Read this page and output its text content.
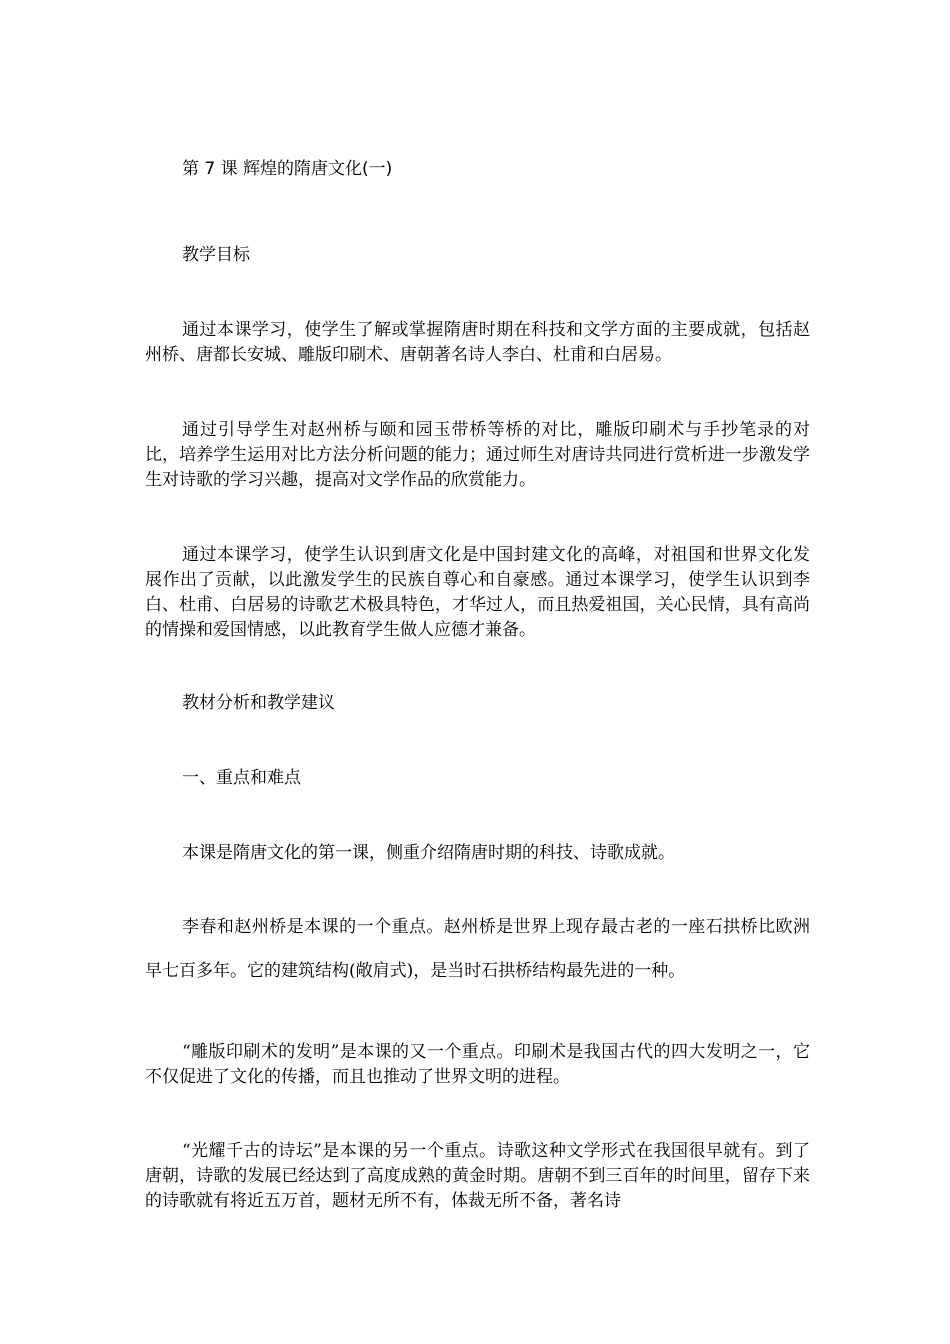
第 7 课 辉煌的隋唐文化(一)

教学目标

通过本课学习，使学生了解或掌握隋唐时期在科技和文学方面的主要成就，包括赵州桥、唐都长安城、雕版印刷术、唐朝著名诗人李白、杜甫和白居易。

通过引导学生对赵州桥与颐和园玉带桥等桥的对比，雕版印刷术与手抄笔录的对比，培养学生运用对比方法分析问题的能力；通过师生对唐诗共同进行赏析进一步激发学生对诗歌的学习兴趣，提高对文学作品的欣赏能力。

通过本课学习，使学生认识到唐文化是中国封建文化的高峰，对祖国和世界文化发展作出了贡献，以此激发学生的民族自尊心和自豪感。通过本课学习，使学生认识到李白、杜甫、白居易的诗歌艺术极具特色，才华过人，而且热爱祖国，关心民情，具有高尚的情操和爱国情感，以此教育学生做人应德才兼备。

教材分析和教学建议

一、重点和难点

本课是隋唐文化的第一课，侧重介绍隋唐时期的科技、诗歌成就。

李春和赵州桥是本课的一个重点。赵州桥是世界上现存最古老的一座石拱桥比欧洲早七百多年。它的建筑结构(敞肩式)，是当时石拱桥结构最先进的一种。

“雕版印刷术的发明”是本课的又一个重点。印刷术是我国古代的四大发明之一，它不仅促进了文化的传播，而且也推动了世界文明的进程。

“光耀千古的诗坛”是本课的另一个重点。诗歌这种文学形式在我国很早就有。到了唐朝，诗歌的发展已经达到了高度成熟的黄金时期。唐朝不到三百年的时间里，留存下来的诗歌就有将近五万首，题材无所不有，体裁无所不备，著名诗
